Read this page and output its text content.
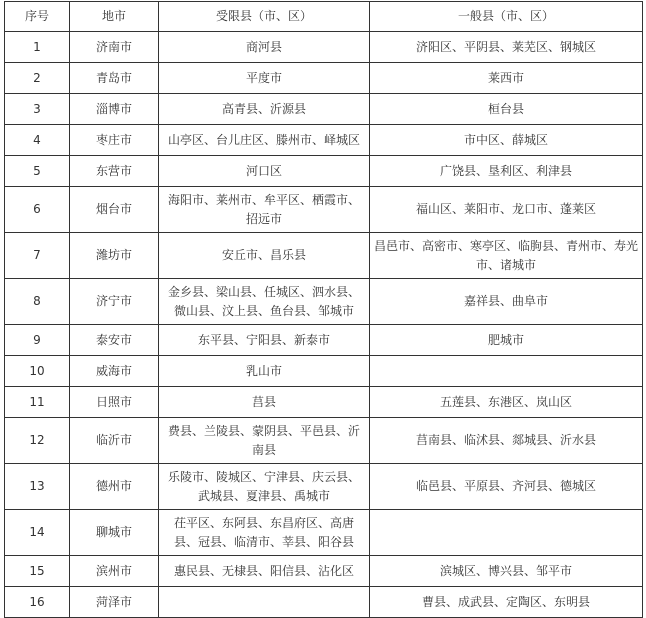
序号	地市	受限县（市、区）	一般县（市、区）
1	济南市	商河县	济阳区、平阴县、莱芜区、钢城区
2	青岛市	平度市	莱西市
3	淄博市	高青县、沂源县	桓台县
4	枣庄市	山亭区、台儿庄区、滕州市、峄城区	市中区、薛城区
5	东营市	河口区	广饶县、垦利区、利津县
6	烟台市	海阳市、莱州市、牟平区、栖霞市、招远市	福山区、莱阳市、龙口市、蓬莱区
7	潍坊市	安丘市、昌乐县	昌邑市、高密市、寒亭区、临朐县、青州市、寿光市、诸城市
8	济宁市	金乡县、梁山县、任城区、泗水县、微山县、汶上县、鱼台县、邹城市	嘉祥县、曲阜市
9	泰安市	东平县、宁阳县、新泰市	肥城市
10	威海市	乳山市	
11	日照市	莒县	五莲县、东港区、岚山区
12	临沂市	费县、兰陵县、蒙阴县、平邑县、沂南县	莒南县、临沭县、郯城县、沂水县
13	德州市	乐陵市、陵城区、宁津县、庆云县、武城县、夏津县、禹城市	临邑县、平原县、齐河县、德城区
14	聊城市	茌平区、东阿县、东昌府区、高唐县、冠县、临清市、莘县、阳谷县	
15	滨州市	惠民县、无棣县、阳信县、沾化区	滨城区、博兴县、邹平市
16	菏泽市		曹县、成武县、定陶区、东明县
